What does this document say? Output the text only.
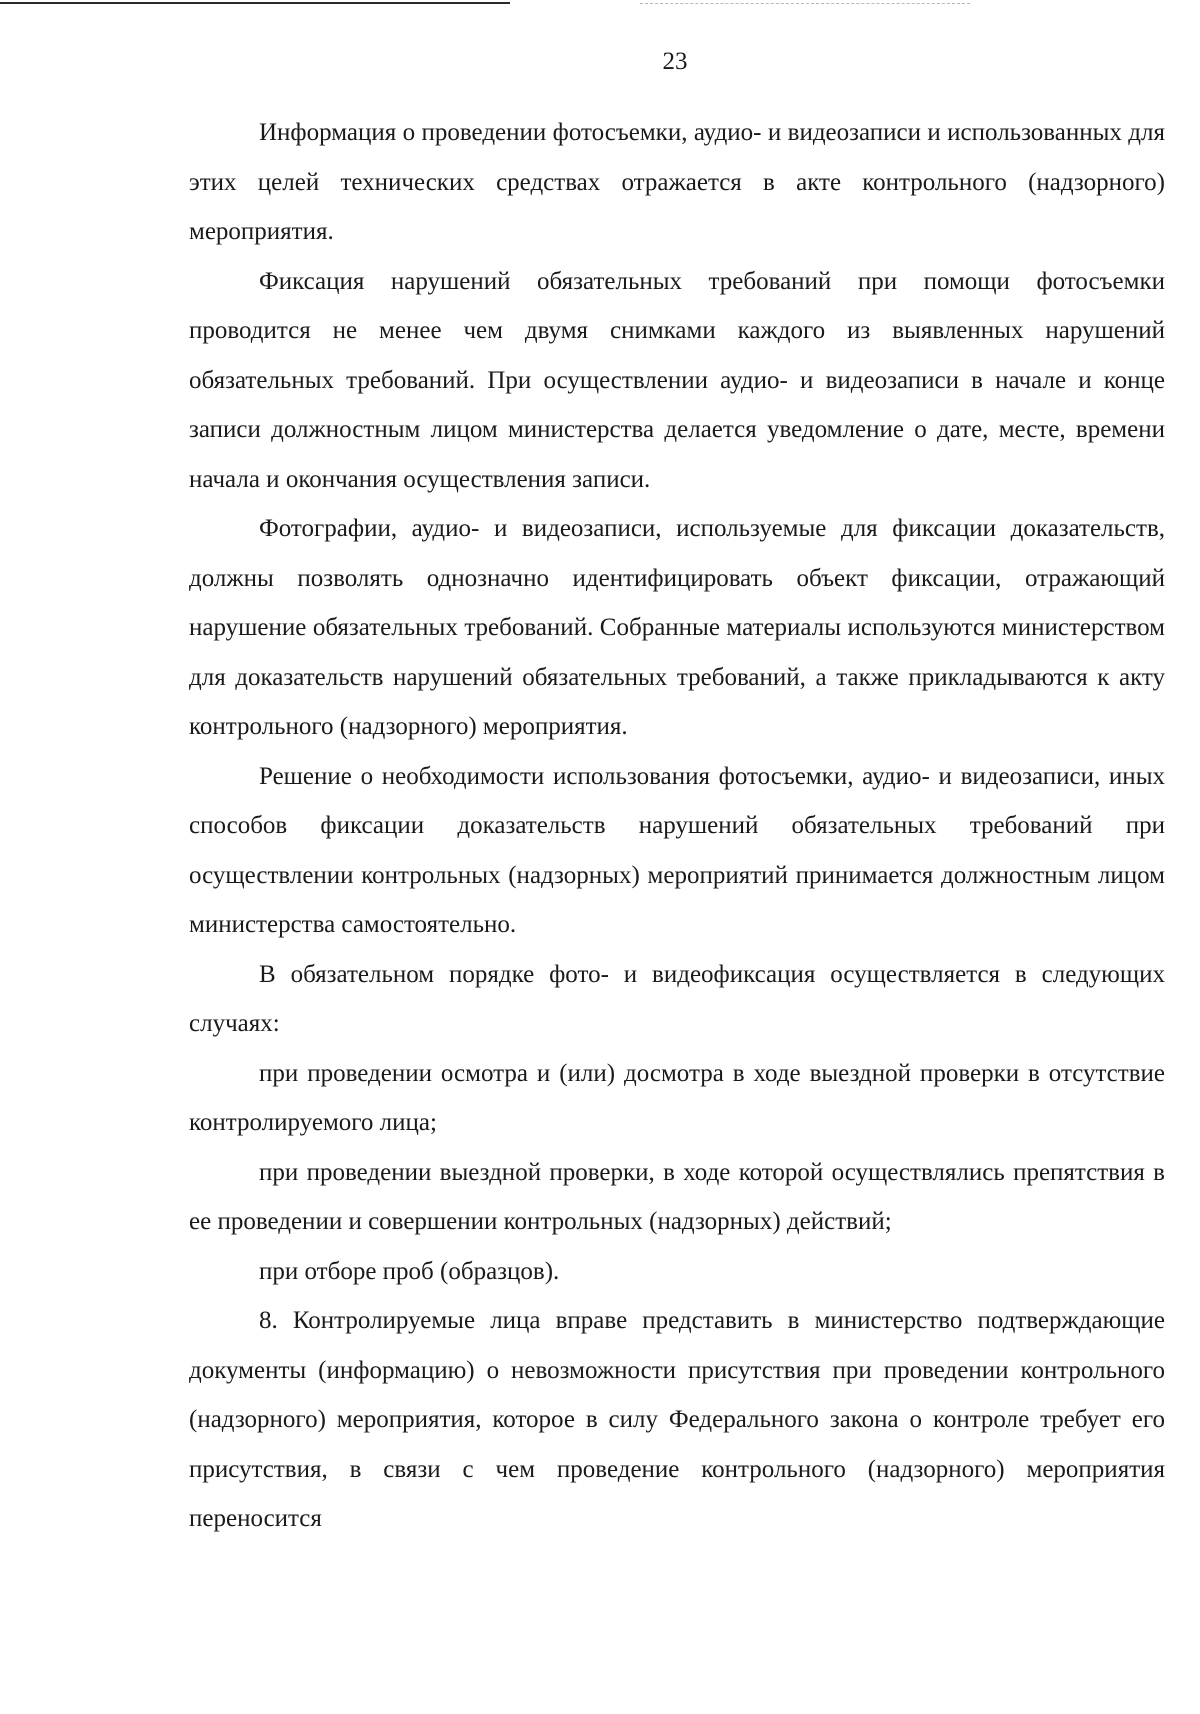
23

Информация о проведении фотосъемки, аудио- и видеозаписи и использованных для этих целей технических средствах отражается в акте контрольного (надзорного) мероприятия.

Фиксация нарушений обязательных требований при помощи фотосъемки проводится не менее чем двумя снимками каждого из выявленных нарушений обязательных требований. При осуществлении аудио- и видеозаписи в начале и конце записи должностным лицом министерства делается уведомление о дате, месте, времени начала и окончания осуществления записи.

Фотографии, аудио- и видеозаписи, используемые для фиксации доказательств, должны позволять однозначно идентифицировать объект фиксации, отражающий нарушение обязательных требований. Собранные материалы используются министерством для доказательств нарушений обязательных требований, а также прикладываются к акту контрольного (надзорного) мероприятия.

Решение о необходимости использования фотосъемки, аудио- и видеозаписи, иных способов фиксации доказательств нарушений обязательных требований при осуществлении контрольных (надзорных) мероприятий принимается должностным лицом министерства самостоятельно.

В обязательном порядке фото- и видеофиксация осуществляется в следующих случаях:

при проведении осмотра и (или) досмотра в ходе выездной проверки в отсутствие контролируемого лица;

при проведении выездной проверки, в ходе которой осуществлялись препятствия в ее проведении и совершении контрольных (надзорных) действий;

при отборе проб (образцов).

8. Контролируемые лица вправе представить в министерство подтверждающие документы (информацию) о невозможности присутствия при проведении контрольного (надзорного) мероприятия, которое в силу Федерального закона о контроле требует его присутствия, в связи с чем проведение контрольного (надзорного) мероприятия переносится
